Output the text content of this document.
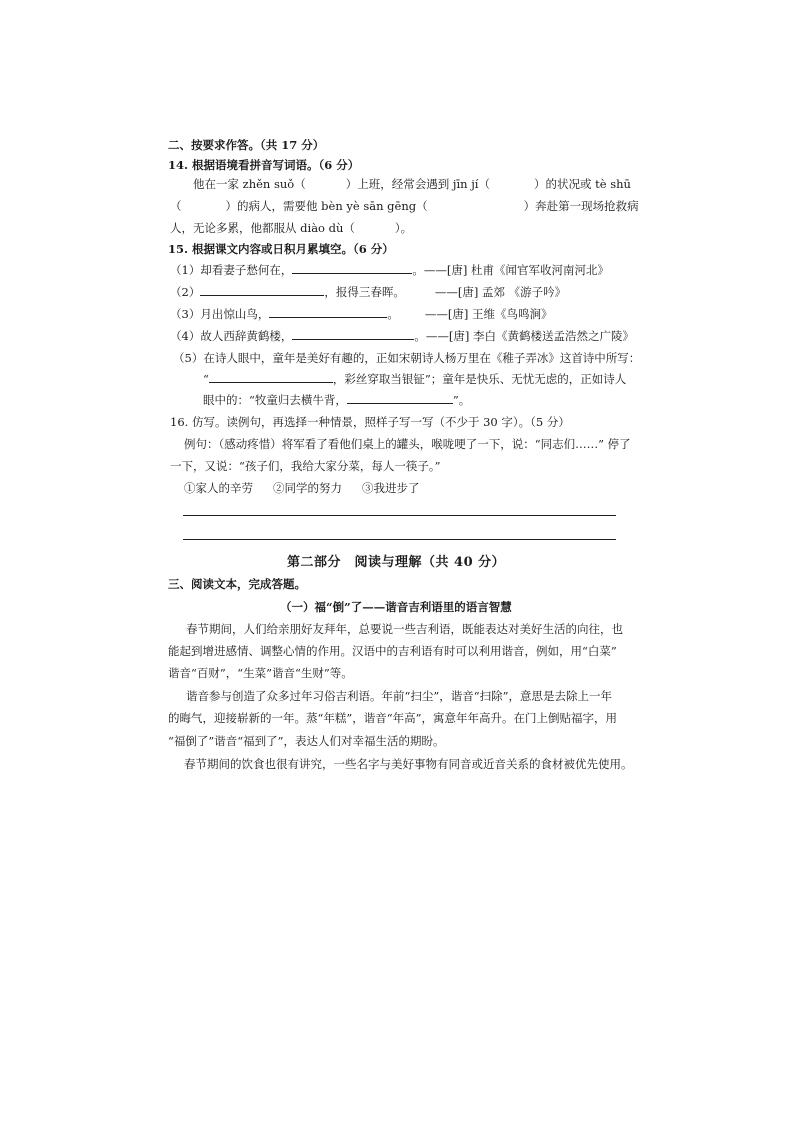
二、按要求作答。（共 17 分）
14. 根据语境看拼音写词语。（6 分）
他在一家 zhěn suǒ（	）上班，经常会遇到 jīn jí（	）的状况或 tè shū
（	）的病人，需要他 bèn yè sān gēng（	）奔赴第一现场抢救病
人，无论多累，他都服从 diào dù（	）。
15. 根据课文内容或日积月累填空。（6 分）
（1）却看妻子愁何在，	。——[唐] 杜甫《闻官军收河南河北》
（2）	，报得三春晖。	——[唐] 孟郊 《游子吟》
（3）月出惊山鸟，	。 ——[唐] 王维《鸟鸣涧》
（4）故人西辞黄鹤楼，	。——[唐] 李白《黄鹤楼送孟浩然之广陵》
（5）在诗人眼中，童年是美好有趣的，正如宋朝诗人杨万里在《稚子弄冰》这首诗中所写：
“	，彩丝穿取当银钲”；童年是快乐、无忧无虑的，正如诗人
眼中的：“牧童归去横牛背，	”。
16. 仿写。读例句，再选择一种情景，照样子写一写（不少于 30 字）。（5 分）
例句：（感动疼惜）将军看了看他们桌上的罐头，喉咙哽了一下，说：“同志们……” 停了
一下，又说：“孩子们，我给大家分菜，每人一筷子。”
①家人的辛劳 ②同学的努力 ③我进步了
第二部分　阅读与理解（共 40 分）
三、阅读文本，完成答题。
（一）福“倒”了——谐音吉利语里的语言智慧
春节期间，人们给亲朋好友拜年，总要说一些吉利语，既能表达对美好生活的向往，也
能起到增进感情、调整心情的作用。汉语中的吉利语有时可以利用谐音，例如，用“白菜”
谐音“百财”，“生菜”谐音“生财”等。
谐音参与创造了众多过年习俗吉利语。年前“扫尘”，谐音“扫除”，意思是去除上一年
的晦气，迎接崭新的一年。蒸“年糕”，谐音“年高”，寓意年年高升。在门上倒贴福字，用
“福倒了”谐音“福到了”，表达人们对幸福生活的期盼。
春节期间的饮食也很有讲究，一些名字与美好事物有同音或近音关系的食材被优先使用。
